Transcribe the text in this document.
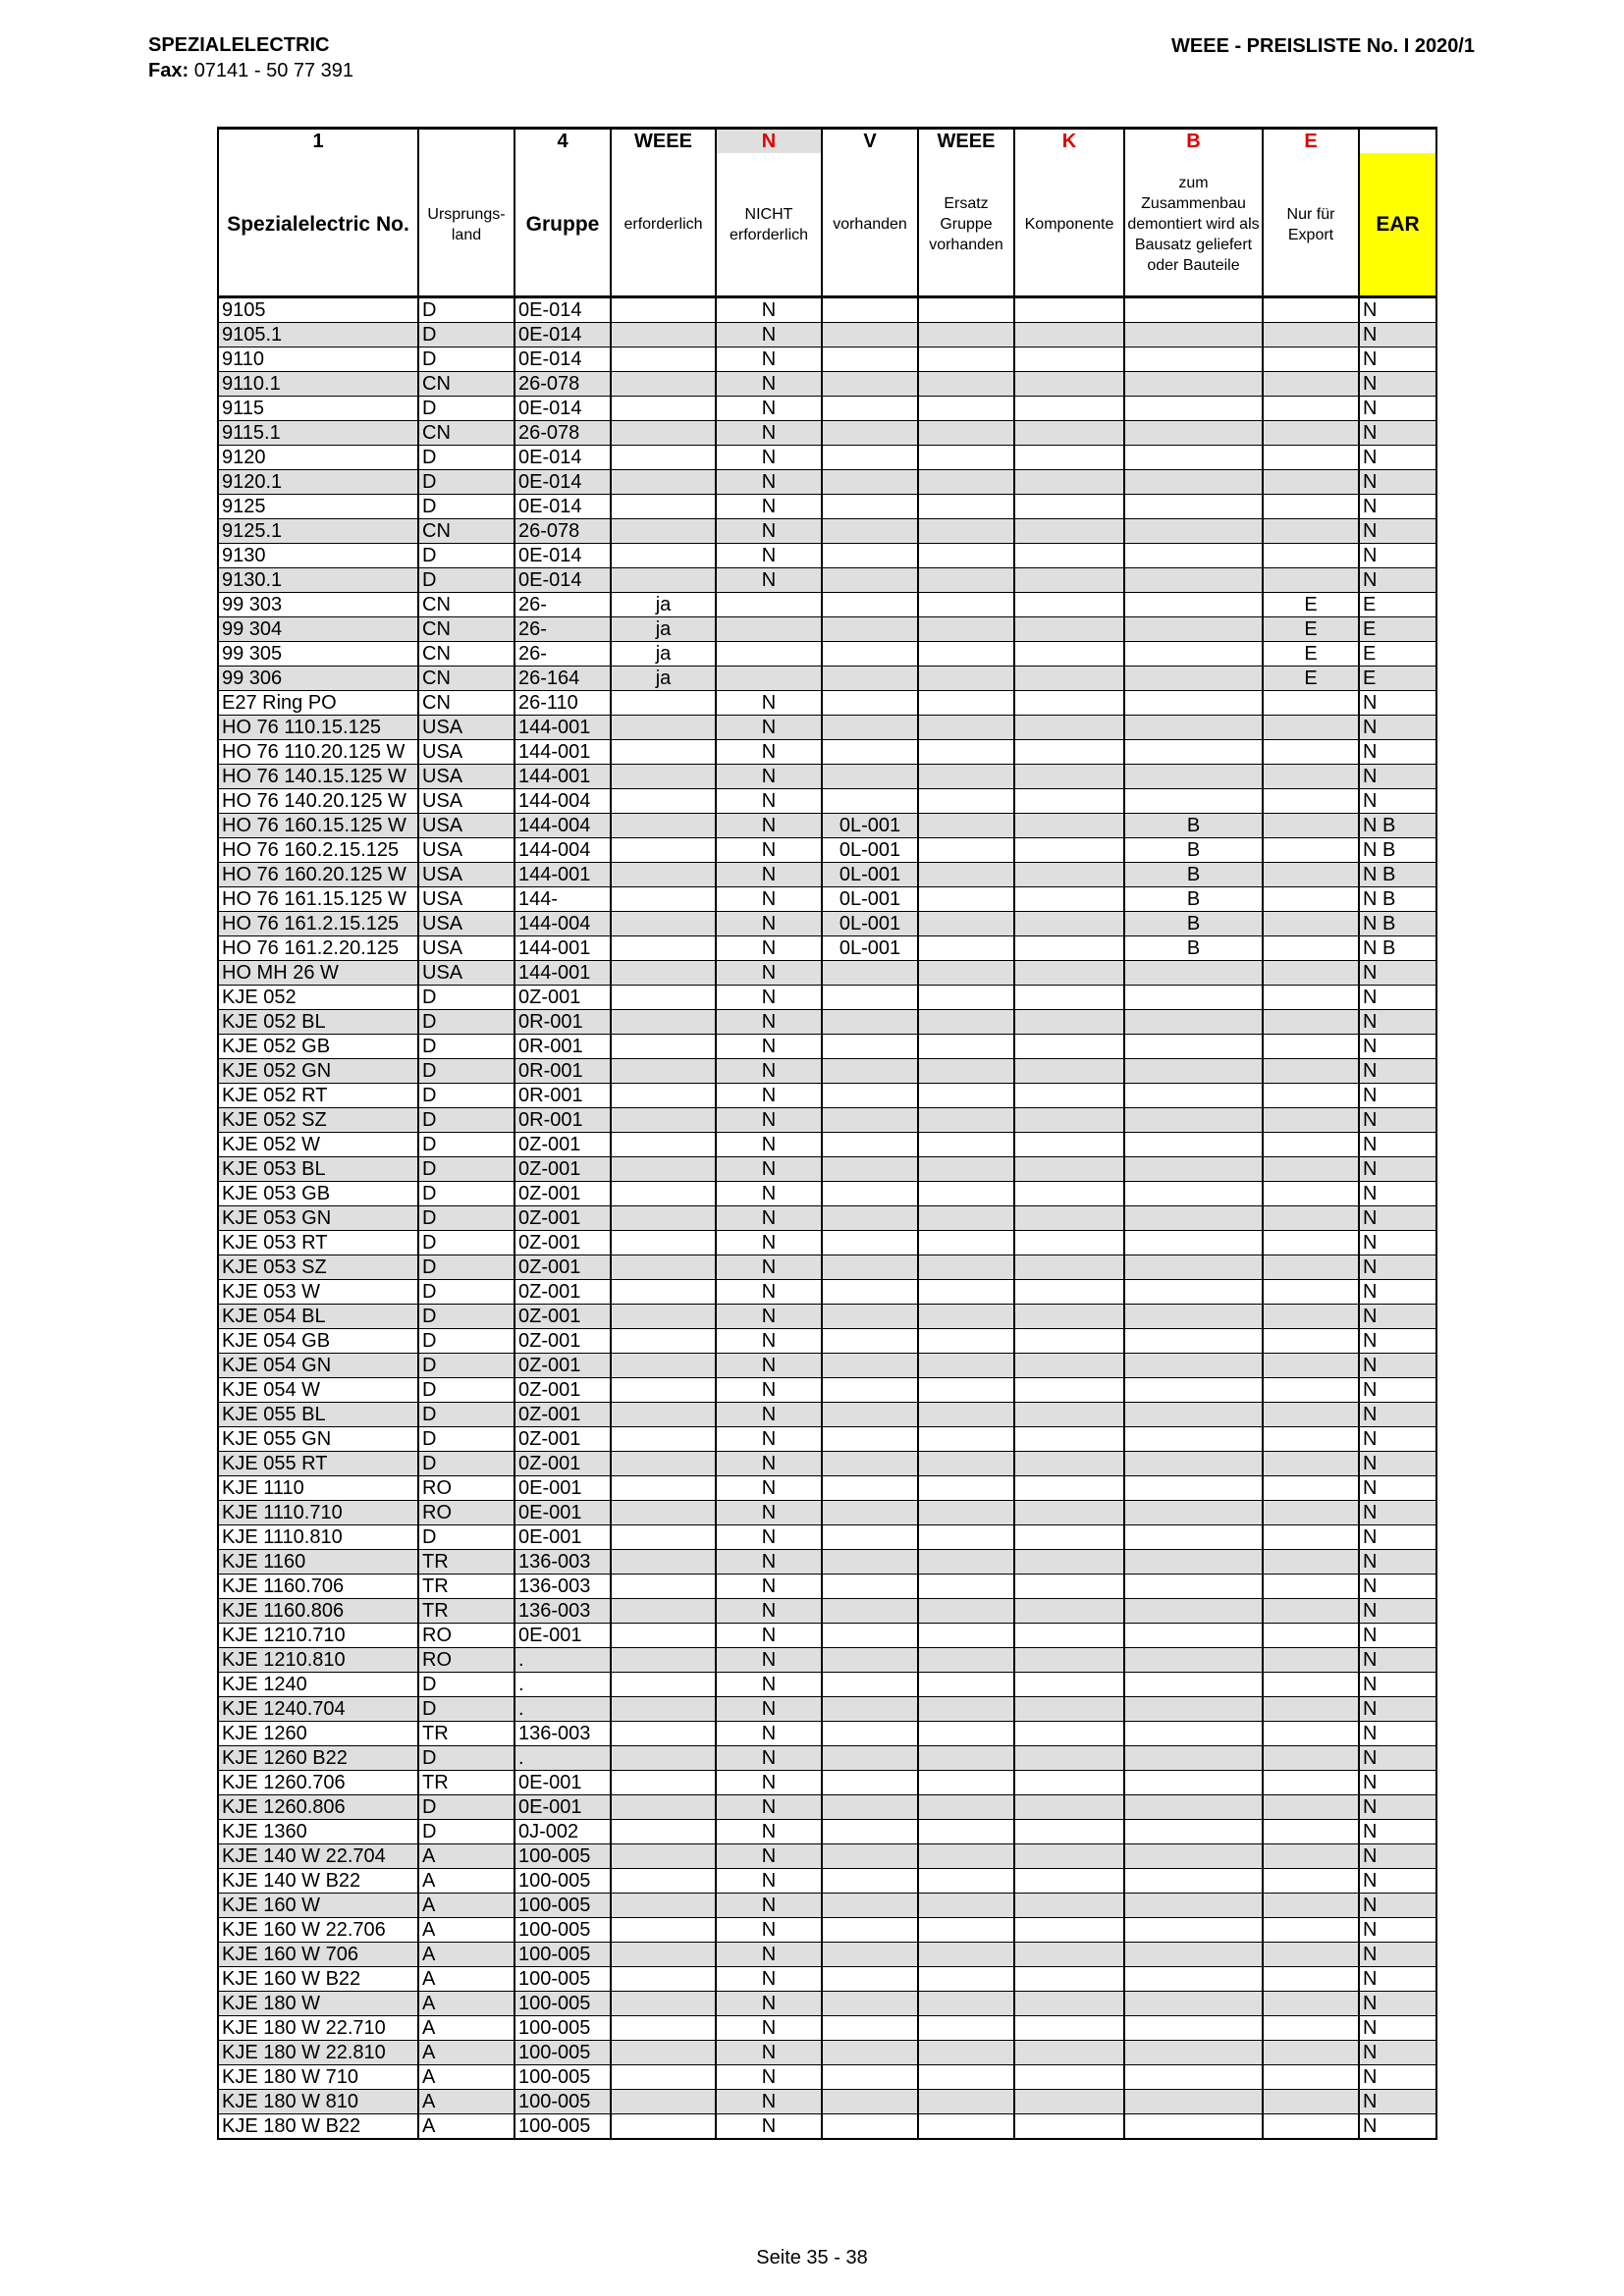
SPEZIALELECTRIC
Fax: 07141 - 50 77 391
WEEE - PREISLISTE No. I 2020/1
1		4	WEEE	N	V	WEEE	K	B	E	
Spezialelectric No.	Ursprungs- land	Gruppe	erforderlich	NICHT erforderlich	vorhanden	Ersatz Gruppe vorhanden	Komponente	zum Zusammenbau demontiert wird als Bausatz geliefert oder Bauteile	Nur für Export	EAR
9105	D	0E-014		N						N
9105.1	D	0E-014		N						N
9110	D	0E-014		N						N
9110.1	CN	26-078		N						N
9115	D	0E-014		N						N
9115.1	CN	26-078		N						N
9120	D	0E-014		N						N
9120.1	D	0E-014		N						N
9125	D	0E-014		N						N
9125.1	CN	26-078		N						N
9130	D	0E-014		N						N
9130.1	D	0E-014		N						N
99 303	CN	26-	ja						E	E
99 304	CN	26-	ja						E	E
99 305	CN	26-	ja						E	E
99 306	CN	26-164	ja						E	E
E27 Ring PO	CN	26-110		N						N
HO 76 110.15.125	USA	144-001		N						N
HO 76 110.20.125 W	USA	144-001		N						N
HO 76 140.15.125 W	USA	144-001		N						N
HO 76 140.20.125 W	USA	144-004		N						N
HO 76 160.15.125 W	USA	144-004		N	0L-001			B		N B
HO 76 160.2.15.125	USA	144-004		N	0L-001			B		N B
HO 76 160.20.125 W	USA	144-001		N	0L-001			B		N B
HO 76 161.15.125 W	USA	144-		N	0L-001			B		N B
HO 76 161.2.15.125	USA	144-004		N	0L-001			B		N B
HO 76 161.2.20.125	USA	144-001		N	0L-001			B		N B
HO MH 26 W	USA	144-001		N						N
KJE 052	D	0Z-001		N						N
KJE 052 BL	D	0R-001		N						N
KJE 052 GB	D	0R-001		N						N
KJE 052 GN	D	0R-001		N						N
KJE 052 RT	D	0R-001		N						N
KJE 052 SZ	D	0R-001		N						N
KJE 052 W	D	0Z-001		N						N
KJE 053 BL	D	0Z-001		N						N
KJE 053 GB	D	0Z-001		N						N
KJE 053 GN	D	0Z-001		N						N
KJE 053 RT	D	0Z-001		N						N
KJE 053 SZ	D	0Z-001		N						N
KJE 053 W	D	0Z-001		N						N
KJE 054 BL	D	0Z-001		N						N
KJE 054 GB	D	0Z-001		N						N
KJE 054 GN	D	0Z-001		N						N
KJE 054 W	D	0Z-001		N						N
KJE 055 BL	D	0Z-001		N						N
KJE 055 GN	D	0Z-001		N						N
KJE 055 RT	D	0Z-001		N						N
KJE 1110	RO	0E-001		N						N
KJE 1110.710	RO	0E-001		N						N
KJE 1110.810	D	0E-001		N						N
KJE 1160	TR	136-003		N						N
KJE 1160.706	TR	136-003		N						N
KJE 1160.806	TR	136-003		N						N
KJE 1210.710	RO	0E-001		N						N
KJE 1210.810	RO	.		N						N
KJE 1240	D	.		N						N
KJE 1240.704	D	.		N						N
KJE 1260	TR	136-003		N						N
KJE 1260 B22	D	.		N						N
KJE 1260.706	TR	0E-001		N						N
KJE 1260.806	D	0E-001		N						N
KJE 1360	D	0J-002		N						N
KJE 140 W 22.704	A	100-005		N						N
KJE 140 W B22	A	100-005		N						N
KJE 160 W	A	100-005		N						N
KJE 160 W 22.706	A	100-005		N						N
KJE 160 W 706	A	100-005		N						N
KJE 160 W B22	A	100-005		N						N
KJE 180 W	A	100-005		N						N
KJE 180 W 22.710	A	100-005		N						N
KJE 180 W 22.810	A	100-005		N						N
KJE 180 W 710	A	100-005		N						N
KJE 180 W 810	A	100-005		N						N
KJE 180 W B22	A	100-005		N						N
Seite 35 - 38
